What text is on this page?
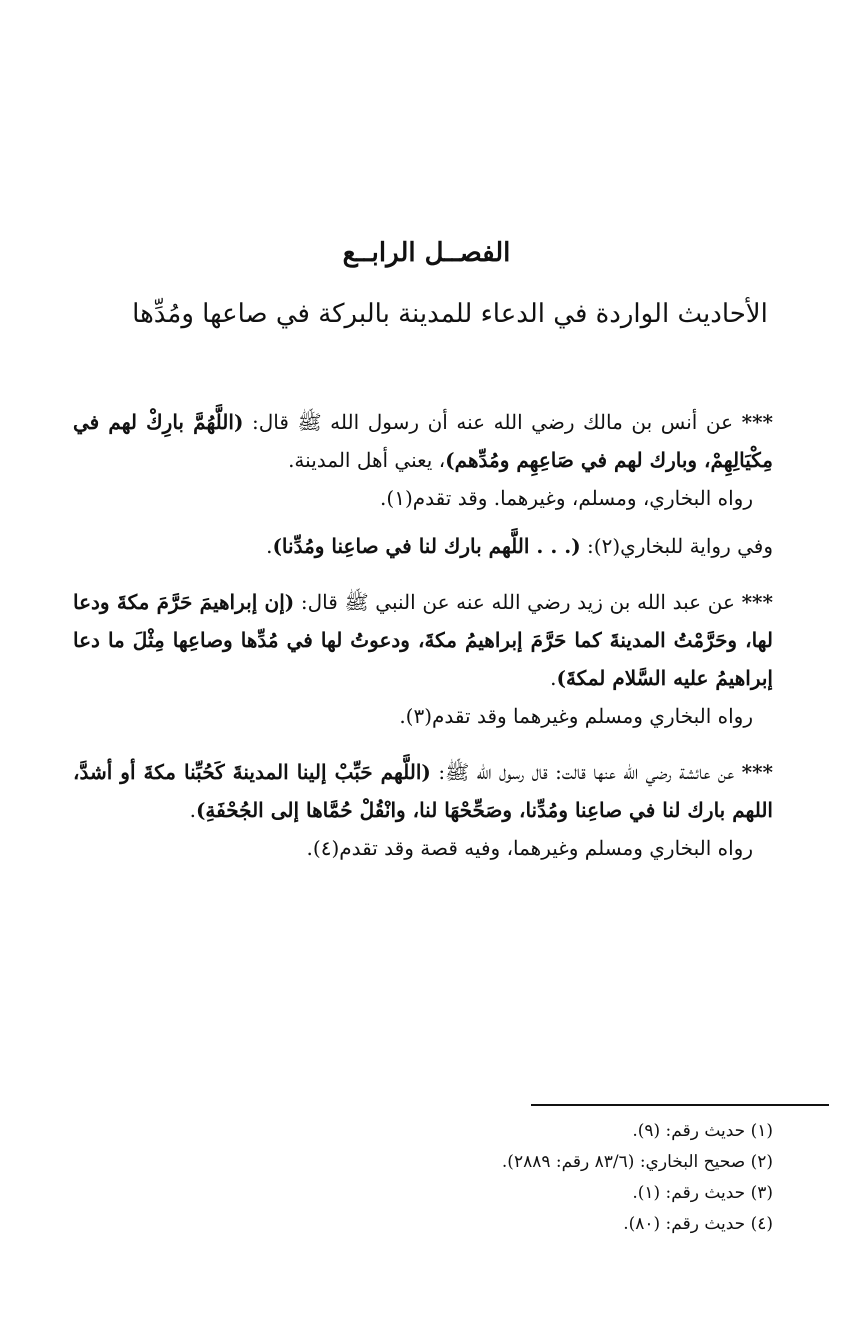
الفصــل الرابــع
الأحاديث الواردة في الدعاء للمدينة بالبركة في صاعها ومُدِّها
*** عن أنس بن مالك رضي الله عنه أن رسول الله ﷺ قال: (اللَّهُمَّ بارِكْ لهم في مِكْيَالِهِمْ، وبارك لهم في صَاعِهِم ومُدِّهم)، يعني أهل المدينة.
رواه البخاري، ومسلم، وغيرهما. وقد تقدم(١).
وفي رواية للبخاري(٢): (. . . اللَّهم بارك لنا في صاعِنا ومُدِّنا).
*** عن عبد الله بن زيد رضي الله عنه عن النبي ﷺ قال: (إن إبراهيمَ حَرَّمَ مكةَ ودعا لها، وحَرَّمْتُ المدينةَ كما حَرَّمَ إبراهيمُ مكةَ، ودعوتُ لها في مُدِّها وصاعِها مِثْلَ ما دعا إبراهيمُ عليه السَّلام لمكةَ).
رواه البخاري ومسلم وغيرهما وقد تقدم(٣).
*** عن عائشة رضي الله عنها قالت: قال رسول الله ﷺ: (اللَّهم حَبِّبْ إلينا المدينةَ كَحُبِّنا مكةَ أو أشدَّ، اللهم بارك لنا في صاعِنا ومُدِّنا، وصَحِّحْهَا لنا، وانْقُلْ حُمَّاها إلى الجُحْفَةِ).
رواه البخاري ومسلم وغيرهما، وفيه قصة وقد تقدم(٤).
(١) حديث رقم: (٩).
(٢) صحيح البخاري: (٨٣/٦ رقم: ٢٨٨٩).
(٣) حديث رقم: (١).
(٤) حديث رقم: (٨٠).
